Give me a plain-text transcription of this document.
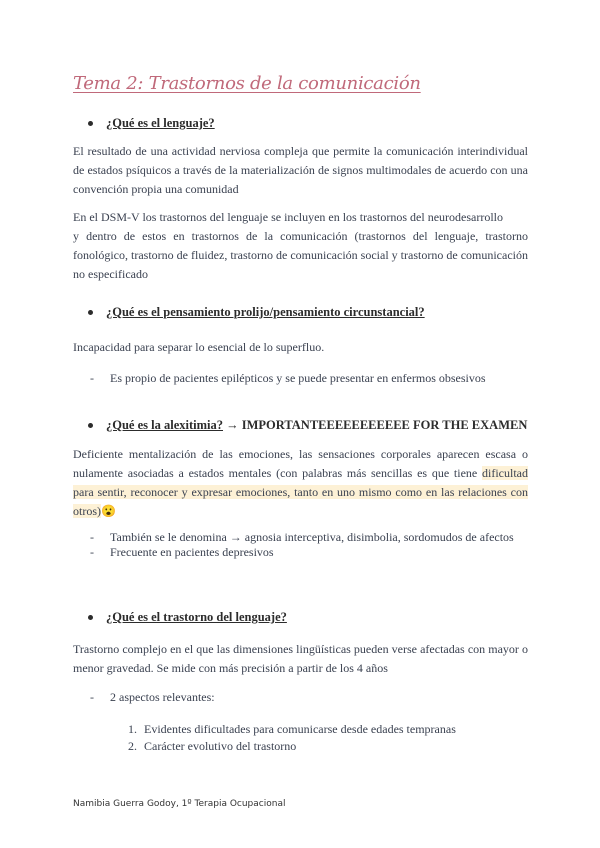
Tema 2: Trastornos de la comunicación
¿Qué es el lenguaje?
El resultado de una actividad nerviosa compleja que permite la comunicación interindividual de estados psíquicos a través de la materialización de signos multimodales de acuerdo con una convención propia una comunidad
En el DSM-V los trastornos del lenguaje se incluyen en los trastornos del neurodesarrollo
y dentro de estos en trastornos de la comunicación (trastornos del lenguaje, trastorno fonológico, trastorno de fluidez, trastorno de comunicación social y trastorno de comunicación no especificado
¿Qué es el pensamiento prolijo/pensamiento circunstancial?
Incapacidad para separar lo esencial de lo superfluo.
- Es propio de pacientes epilépticos y se puede presentar en enfermos obsesivos
¿Qué es la alexitimia? → IMPORTANTEEEEEEEEEEE FOR THE EXAMEN
Deficiente mentalización de las emociones, las sensaciones corporales aparecen escasa o nulamente asociadas a estados mentales (con palabras más sencillas es que tiene dificultad para sentir, reconocer y expresar emociones, tanto en uno mismo como en las relaciones con otros)😮
- También se le denomina → agnosia interceptiva, disimbolia, sordomudos de afectos
- Frecuente en pacientes depresivos
¿Qué es el trastorno del lenguaje?
Trastorno complejo en el que las dimensiones lingüísticas pueden verse afectadas con mayor o menor gravedad. Se mide con más precisión a partir de los 4 años
- 2 aspectos relevantes:
1. Evidentes dificultades para comunicarse desde edades tempranas
2. Carácter evolutivo del trastorno
Namibia Guerra Godoy, 1º Terapia Ocupacional
